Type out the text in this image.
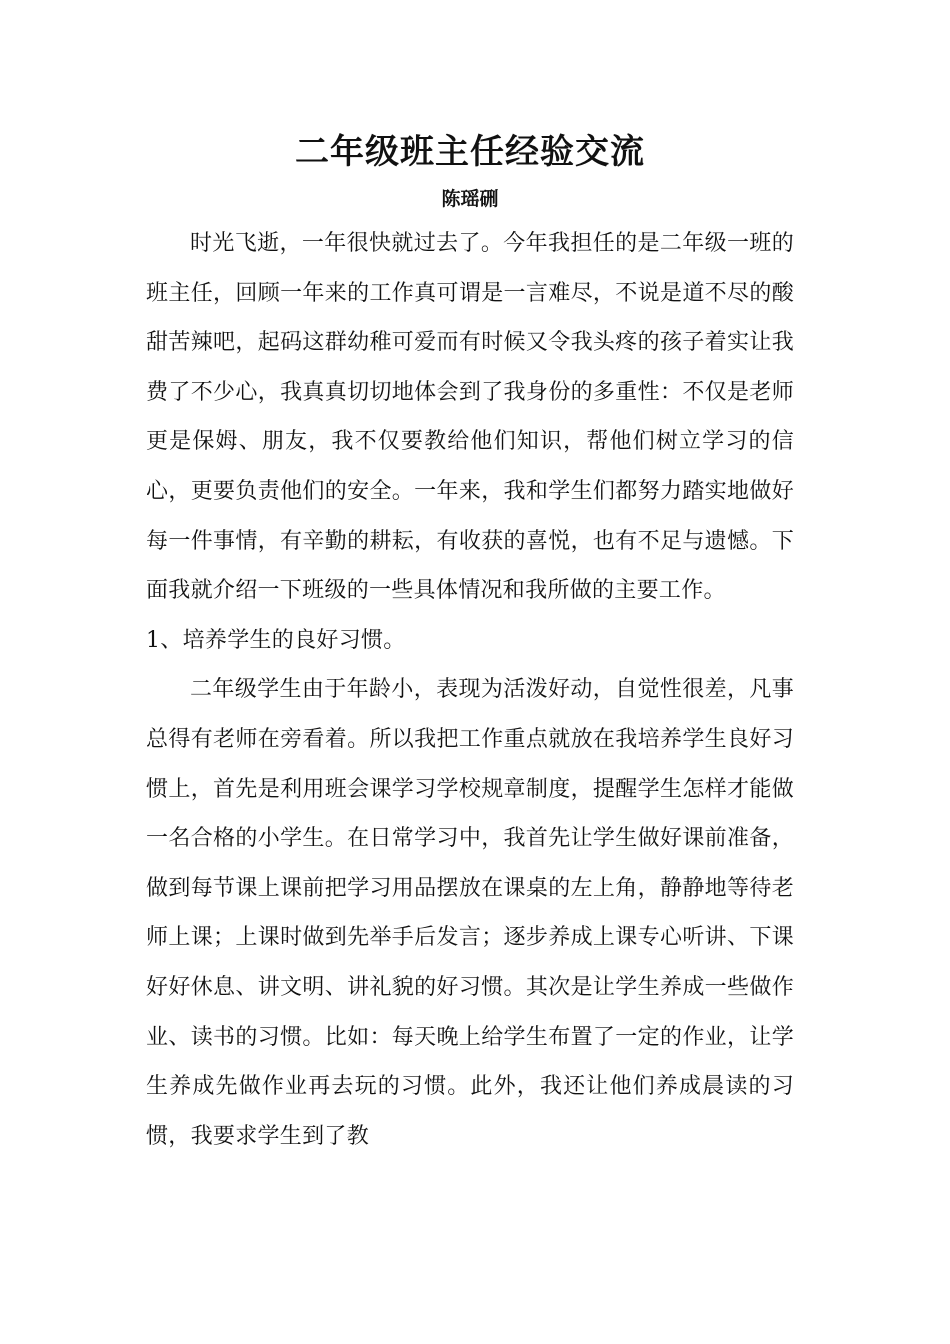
二年级班主任经验交流
陈瑶硎

时光飞逝，一年很快就过去了。今年我担任的是二年级一班的班主任，回顾一年来的工作真可谓是一言难尽，不说是道不尽的酸甜苦辣吧，起码这群幼稚可爱而有时候又令我头疼的孩子着实让我费了不少心，我真真切切地体会到了我身份的多重性：不仅是老师更是保姆、朋友，我不仅要教给他们知识，帮他们树立学习的信心，更要负责他们的安全。一年来，我和学生们都努力踏实地做好每一件事情，有辛勤的耕耘，有收获的喜悦，也有不足与遗憾。下面我就介绍一下班级的一些具体情况和我所做的主要工作。

1、培养学生的良好习惯。

二年级学生由于年龄小，表现为活泼好动，自觉性很差，凡事总得有老师在旁看着。所以我把工作重点就放在我培养学生良好习惯上，首先是利用班会课学习学校规章制度，提醒学生怎样才能做一名合格的小学生。在日常学习中，我首先让学生做好课前准备，做到每节课上课前把学习用品摆放在课桌的左上角，静静地等待老师上课；上课时做到先举手后发言；逐步养成上课专心听讲、下课好好休息、讲文明、讲礼貌的好习惯。其次是让学生养成一些做作业、读书的习惯。比如：每天晚上给学生布置了一定的作业，让学生养成先做作业再去玩的习惯。此外，我还让他们养成晨读的习惯，我要求学生到了教
